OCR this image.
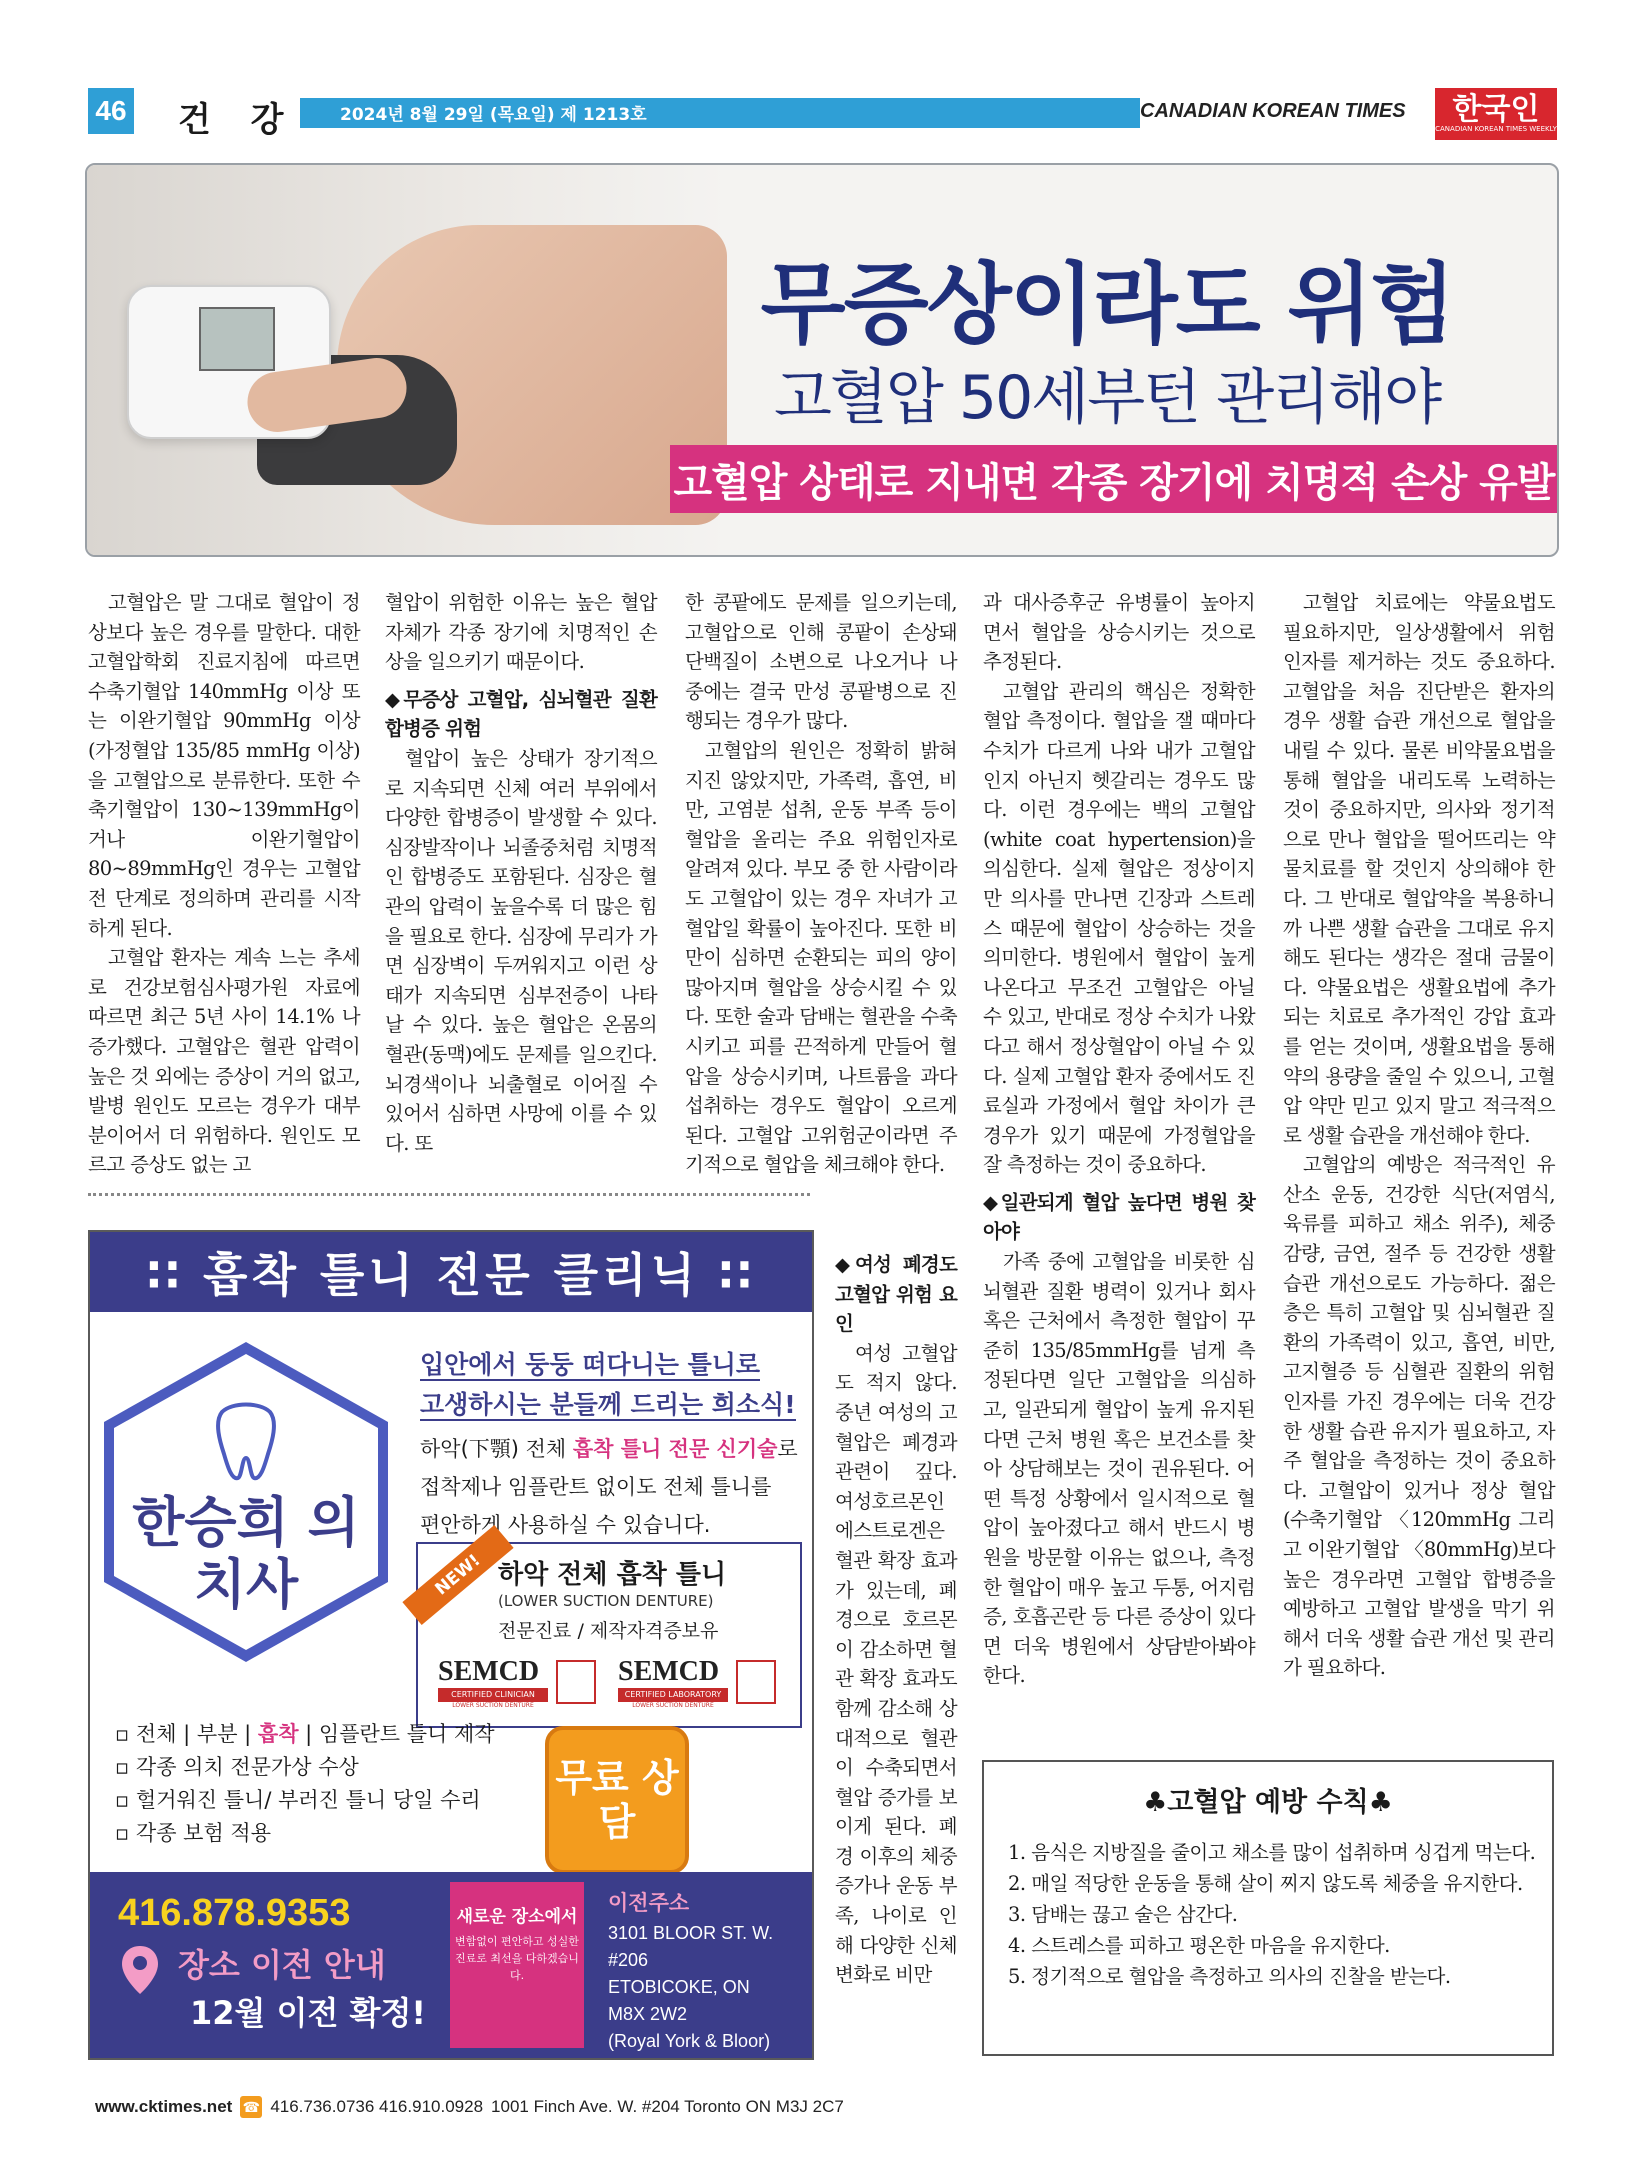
46 건 강 2024년 8월 29일 (목요일) 제 1213호	CANADIAN KOREAN TIMES 한국인
CANADIAN KOREAN TIMES WEEKLY
무증상이라도 위험
고혈압 50세부턴 관리해야
고혈압 상태로 지내면 각종 장기에 치명적 손상 유발

고혈압은 말 그대로 혈압이 정상보다 높은 경우를 말한다. 대한고혈압학회 진료지침에 따르면 수축기혈압 140mmHg 이상 또는 이완기혈압 90mmHg 이상(가정혈압 135/85 mmHg 이상)을 고혈압으로 분류한다. 또한 수축기혈압이 130~139mmHg이거나 이완기혈압이 80~89mmHg인 경우는 고혈압 전 단계로 정의하며 관리를 시작하게 된다.

고혈압 환자는 계속 느는 추세로 건강보험심사평가원 자료에 따르면 최근 5년 사이 14.1% 나 증가했다. 고혈압은 혈관 압력이 높은 것 외에는 증상이 거의 없고, 발병 원인도 모르는 경우가 대부분이어서 더 위험하다. 원인도 모르고 증상도 없는 고

혈압이 위험한 이유는 높은 혈압 자체가 각종 장기에 치명적인 손상을 일으키기 때문이다.

◆무증상 고혈압, 심뇌혈관 질환 합병증 위험

혈압이 높은 상태가 장기적으로 지속되면 신체 여러 부위에서 다양한 합병증이 발생할 수 있다. 심장발작이나 뇌졸중처럼 치명적인 합병증도 포함된다. 심장은 혈관의 압력이 높을수록 더 많은 힘을 필요로 한다. 심장에 무리가 가면 심장벽이 두꺼워지고 이런 상태가 지속되면 심부전증이 나타날 수 있다. 높은 혈압은 온몸의 혈관(동맥)에도 문제를 일으킨다. 뇌경색이나 뇌출혈로 이어질 수 있어서 심하면 사망에 이를 수 있다. 또

한 콩팥에도 문제를 일으키는데, 고혈압으로 인해 콩팥이 손상돼 단백질이 소변으로 나오거나 나중에는 결국 만성 콩팥병으로 진행되는 경우가 많다.

고혈압의 원인은 정확히 밝혀지진 않았지만, 가족력, 흡연, 비만, 고염분 섭취, 운동 부족 등이 혈압을 올리는 주요 위험인자로 알려져 있다. 부모 중 한 사람이라도 고혈압이 있는 경우 자녀가 고혈압일 확률이 높아진다. 또한 비만이 심하면 순환되는 피의 양이 많아지며 혈압을 상승시킬 수 있다. 또한 술과 담배는 혈관을 수축시키고 피를 끈적하게 만들어 혈압을 상승시키며, 나트륨을 과다 섭취하는 경우도 혈압이 오르게 된다. 고혈압 고위험군이라면 주기적으로 혈압을 체크해야 한다.

◆여성 폐경도 고혈압 위험 요인

여성 고혈압도 적지 않다. 중년 여성의 고혈압은 폐경과 관련이 깊다. 여성호르몬인 에스트로겐은 혈관 확장 효과가 있는데, 폐경으로 호르몬이 감소하면 혈관 확장 효과도 함께 감소해 상대적으로 혈관이 수축되면서 혈압 증가를 보이게 된다. 폐경 이후의 체중 증가나 운동 부족, 나이로 인해 다양한 신체변화로 비만

과 대사증후군 유병률이 높아지면서 혈압을 상승시키는 것으로 추정된다.

고혈압 관리의 핵심은 정확한 혈압 측정이다. 혈압을 잴 때마다 수치가 다르게 나와 내가 고혈압인지 아닌지 헷갈리는 경우도 많다. 이런 경우에는 백의 고혈압(white coat hypertension)을 의심한다. 실제 혈압은 정상이지만 의사를 만나면 긴장과 스트레스 때문에 혈압이 상승하는 것을 의미한다. 병원에서 혈압이 높게 나온다고 무조건 고혈압은 아닐 수 있고, 반대로 정상 수치가 나왔다고 해서 정상혈압이 아닐 수 있다. 실제 고혈압 환자 중에서도 진료실과 가정에서 혈압 차이가 큰 경우가 있기 때문에 가정혈압을 잘 측정하는 것이 중요하다.

◆일관되게 혈압 높다면 병원 찾아야

가족 중에 고혈압을 비롯한 심뇌혈관 질환 병력이 있거나 회사 혹은 근처에서 측정한 혈압이 꾸준히 135/85mmHg를 넘게 측정된다면 일단 고혈압을 의심하고, 일관되게 혈압이 높게 유지된다면 근처 병원 혹은 보건소를 찾아 상담해보는 것이 권유된다. 어떤 특정 상황에서 일시적으로 혈압이 높아졌다고 해서 반드시 병원을 방문할 이유는 없으나, 측정한 혈압이 매우 높고 두통, 어지럼증, 호흡곤란 등 다른 증상이 있다면 더욱 병원에서 상담받아봐야 한다.

고혈압 치료에는 약물요법도 필요하지만, 일상생활에서 위험인자를 제거하는 것도 중요하다. 고혈압을 처음 진단받은 환자의 경우 생활 습관 개선으로 혈압을 내릴 수 있다. 물론 비약물요법을 통해 혈압을 내리도록 노력하는 것이 중요하지만, 의사와 정기적으로 만나 혈압을 떨어뜨리는 약물치료를 할 것인지 상의해야 한다. 그 반대로 혈압약을 복용하니까 나쁜 생활 습관을 그대로 유지해도 된다는 생각은 절대 금물이다. 약물요법은 생활요법에 추가되는 치료로 추가적인 강압 효과를 얻는 것이며, 생활요법을 통해 약의 용량을 줄일 수 있으니, 고혈압 약만 믿고 있지 말고 적극적으로 생활 습관을 개선해야 한다.

고혈압의 예방은 적극적인 유산소 운동, 건강한 식단(저염식, 육류를 피하고 채소 위주), 체중 감량, 금연, 절주 등 건강한 생활 습관 개선으로도 가능하다. 젊은 층은 특히 고혈압 및 심뇌혈관 질환의 가족력이 있고, 흡연, 비만, 고지혈증 등 심혈관 질환의 위험인자를 가진 경우에는 더욱 건강한 생활 습관 유지가 필요하고, 자주 혈압을 측정하는 것이 중요하다. 고혈압이 있거나 정상 혈압(수축기혈압 〈120mmHg 그리고 이완기혈압 〈80mmHg)보다 높은 경우라면 고혈압 합병증을 예방하고 고혈압 발생을 막기 위해서 더욱 생활 습관 개선 및 관리가 필요하다.

∷ 흡착 틀니 전문 클리닉 ∷
한승희 의치사
입안에서 둥둥 떠다니는 틀니로
고생하시는 분들께 드리는 희소식!
하악(下顎) 전체 흡착 틀니 전문 신기술로
접착제나 임플란트 없이도 전체 틀니를
편안하게 사용하실 수 있습니다.
NEW! 하악 전체 흡착 틀니
(LOWER SUCTION DENTURE)
전문진료 / 제작자격증보유
SEMCD
CERTIFIED CLINICIAN
LOWER SUCTION DENTURE
SEMCD
CERTIFIED LABORATORY
LOWER SUCTION DENTURE
▫ 전체 | 부분 | 흡착 | 임플란트 틀니 제작
▫ 각종 의치 전문가상 수상
▫ 헐거워진 틀니/ 부러진 틀니 당일 수리
▫ 각종 보험 적용
무료 상담
416.878.9353
장소 이전 안내
12월 이전 확정!
새로운 장소에서
변함없이 편안하고 성실한 진료로 최선을 다하겠습니다.
이전주소
3101 BLOOR ST. W.
#206
ETOBICOKE, ON
M8X 2W2
(Royal York & Bloor)
♣고혈압 예방 수칙♣
1. 음식은 지방질을 줄이고 채소를 많이 섭취하며 싱겁게 먹는다.
2. 매일 적당한 운동을 통해 살이 찌지 않도록 체중을 유지한다.
3. 담배는 끊고 술은 삼간다.
4. 스트레스를 피하고 평온한 마음을 유지한다.
5. 정기적으로 혈압을 측정하고 의사의 진찰을 받는다.
www.cktimes.net ☎ 416.736.0736 416.910.0928 1001 Finch Ave. W. #204 Toronto ON M3J 2C7
